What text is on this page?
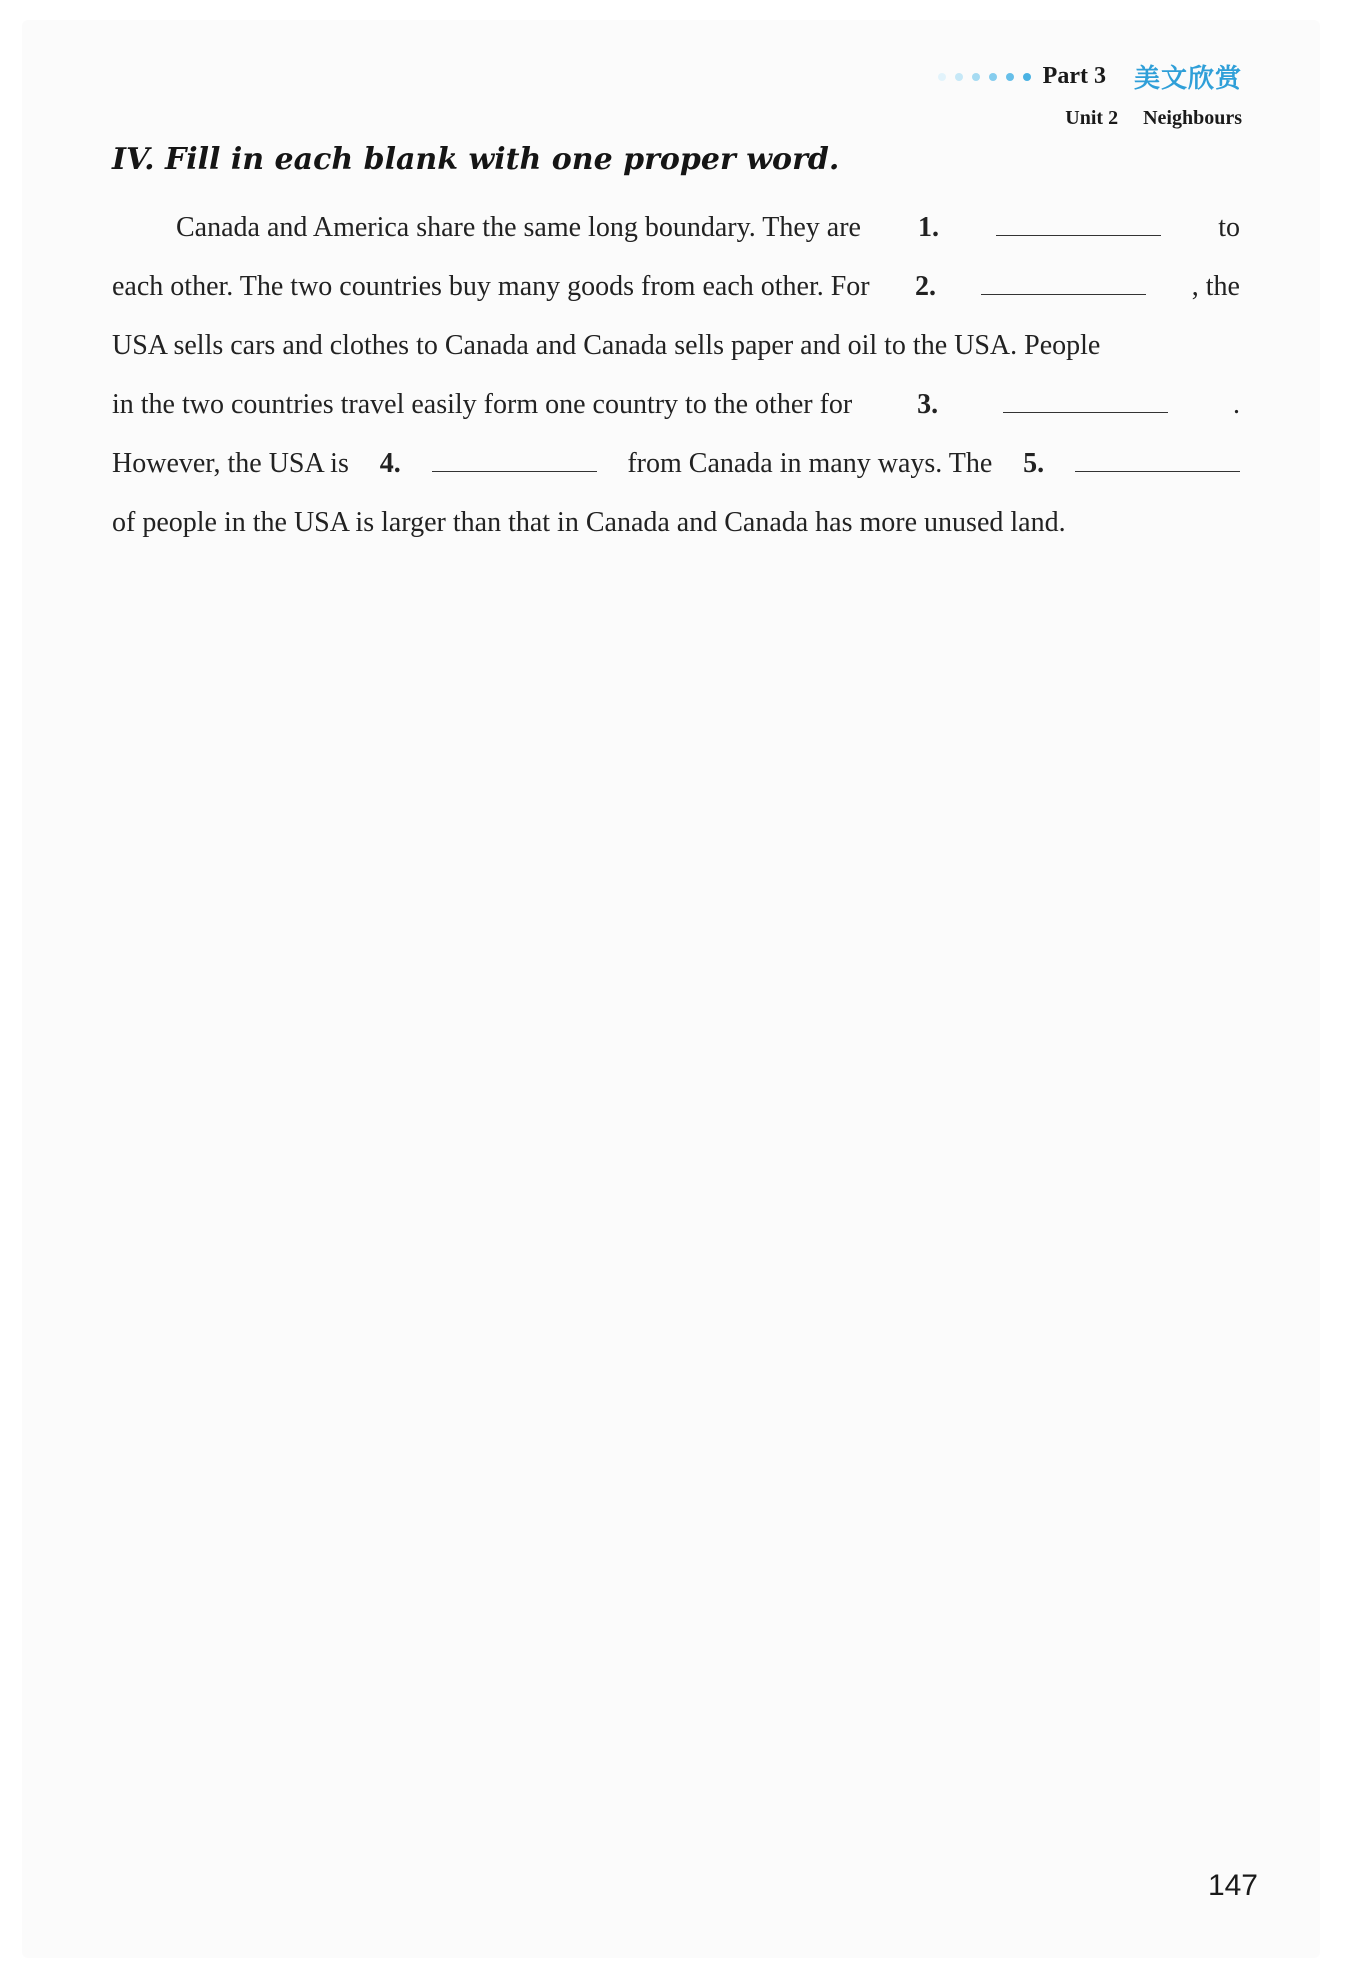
Part 3 美文欣赏
Unit 2 Neighbours
IV. Fill in each blank with one proper word.
Canada and America share the same long boundary. They are 1.	to
each other. The two countries buy many goods from each other. For 2.	, the
USA sells cars and clothes to Canada and Canada sells paper and oil to the USA. People
in the two countries travel easily form one country to the other for 3.	.
However, the USA is 4.	from Canada in many ways. The 5.
of people in the USA is larger than that in Canada and Canada has more unused land.
147
